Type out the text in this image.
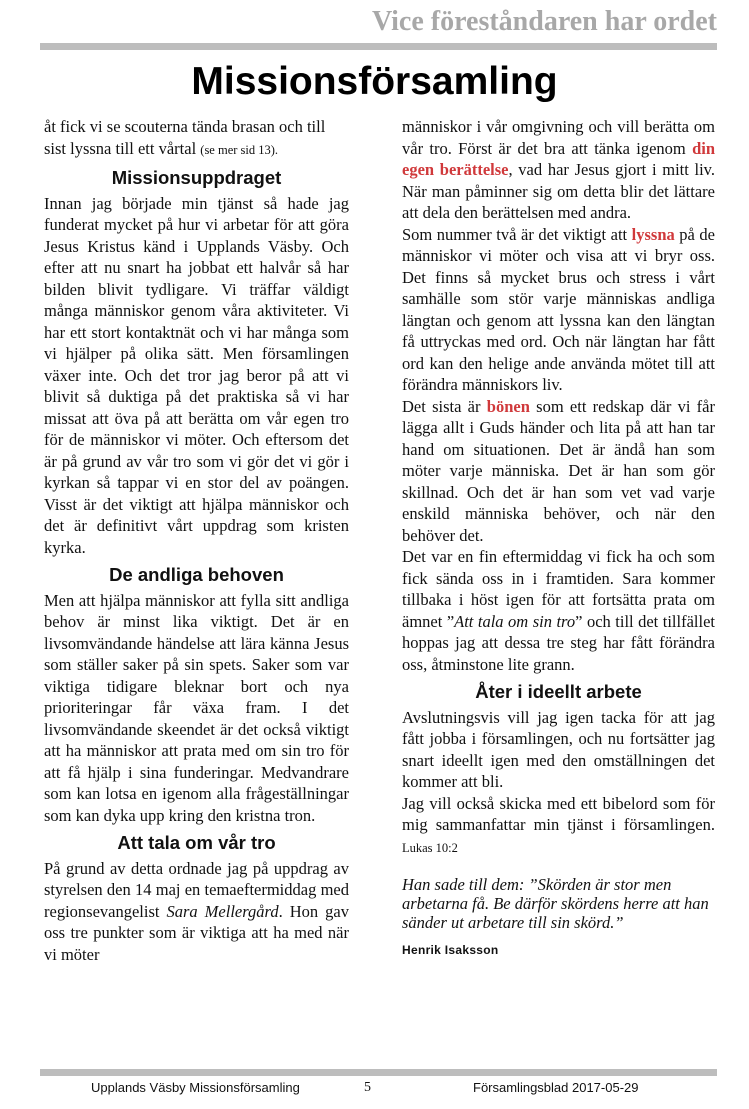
Vice föreståndaren har ordet
Missionsförsamling

åt fick vi se scouterna tända brasan och till sist lyssna till ett vårtal (se mer sid 13).

Missionsuppdraget

Innan jag började min tjänst så hade jag funderat mycket på hur vi arbetar för att göra Jesus Kristus känd i Upplands Väsby. Och efter att nu snart ha jobbat ett halvår så har bilden blivit tydligare. Vi träffar väldigt många människor genom våra aktiviteter. Vi har ett stort kontaktnät och vi har många som vi hjälper på olika sätt. Men församlingen växer inte. Och det tror jag beror på att vi blivit så duktiga på det praktiska så vi har missat att öva på att berätta om vår egen tro för de människor vi möter. Och eftersom det är på grund av vår tro som vi gör det vi gör i kyrkan så tappar vi en stor del av poängen. Visst är det viktigt att hjälpa människor och det är definitivt vårt uppdrag som kristen kyrka.

De andliga behoven

Men att hjälpa människor att fylla sitt andliga behov är minst lika viktigt. Det är en livsomvändande händelse att lära känna Jesus som ställer saker på sin spets. Saker som var viktiga tidigare bleknar bort och nya prioriteringar får växa fram. I det livsomvändande skeendet är det också viktigt att ha människor att prata med om sin tro för att få hjälp i sina funderingar. Medvandrare som kan lotsa en igenom alla frågeställningar som kan dyka upp kring den kristna tron.

Att tala om vår tro

På grund av detta ordnade jag på uppdrag av styrelsen den 14 maj en temaeftermiddag med regionsevangelist Sara Mellergård. Hon gav oss tre punkter som är viktiga att ha med när vi möter

människor i vår omgivning och vill berätta om vår tro. Först är det bra att tänka igenom din egen berättelse, vad har Jesus gjort i mitt liv. När man påminner sig om detta blir det lättare att dela den berättelsen med andra.

Som nummer två är det viktigt att lyssna på de människor vi möter och visa att vi bryr oss. Det finns så mycket brus och stress i vårt samhälle som stör varje människas andliga längtan och genom att lyssna kan den längtan få uttryckas med ord. Och när längtan har fått ord kan den helige ande använda mötet till att förändra människors liv.

Det sista är bönen som ett redskap där vi får lägga allt i Guds händer och lita på att han tar hand om situationen. Det är ändå han som möter varje människa. Det är han som gör skillnad. Och det är han som vet vad varje enskild människa behöver, och när den behöver det.

Det var en fin eftermiddag vi fick ha och som fick sända oss in i framtiden. Sara kommer tillbaka i höst igen för att fortsätta prata om ämnet ”Att tala om sin tro” och till det tillfället hoppas jag att dessa tre steg har fått förändra oss, åtminstone lite grann.

Åter i ideellt arbete

Avslutningsvis vill jag igen tacka för att jag fått jobba i församlingen, och nu fortsätter jag snart ideellt igen med den omställningen det kommer att bli.

Jag vill också skicka med ett bibelord som för mig sammanfattar min tjänst i församlingen. Lukas 10:2

Han sade till dem: ”Skörden är stor men arbetarna få. Be därför skördens herre att han sänder ut arbetare till sin skörd.”

Henrik Isaksson
Upplands Väsby Missionsförsamling	5	Församlingsblad 2017-05-29
